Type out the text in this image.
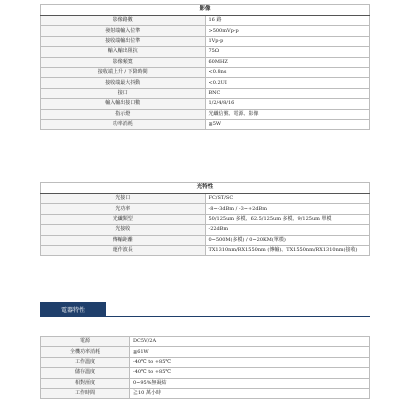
影像	
影像路數	16 路
發射端輸入位準	>500mVp-p
接收端輸出位準	1Vp-p
輸入輸出阻抗	75Ω
影像頻寬	60MHZ
接收端上升 / 下降時間	<0.8ns
接收端最大抖動	<0.2UI
接口	BNC
輸入輸出接口數	1/2/4/8/16
指示燈	光纖信號、電源、影像
功率消耗	≦5W
光特性	
光接口	FC/ST/SC
光功率	-8~-3dBm / -3~+2dBm
光纖類型	50/125um 多模、62.5/125um 多模、9/125um 單模
光接收	-22dBm
傳輸距離	0~500M(多模) / 0~20KM(單模)
運作波長	TX1310nm/RX1550nm (傳輸)、TX1550nm/RX1310nm(接收)
電器特性
電源	DC5V/2A
全機功率消耗	≦61W
工作溫度	-40℃ to +85℃
儲存溫度	-40℃ to +85℃
相對溼度	0~95%無凝結
工作時間	≧10 萬小時
